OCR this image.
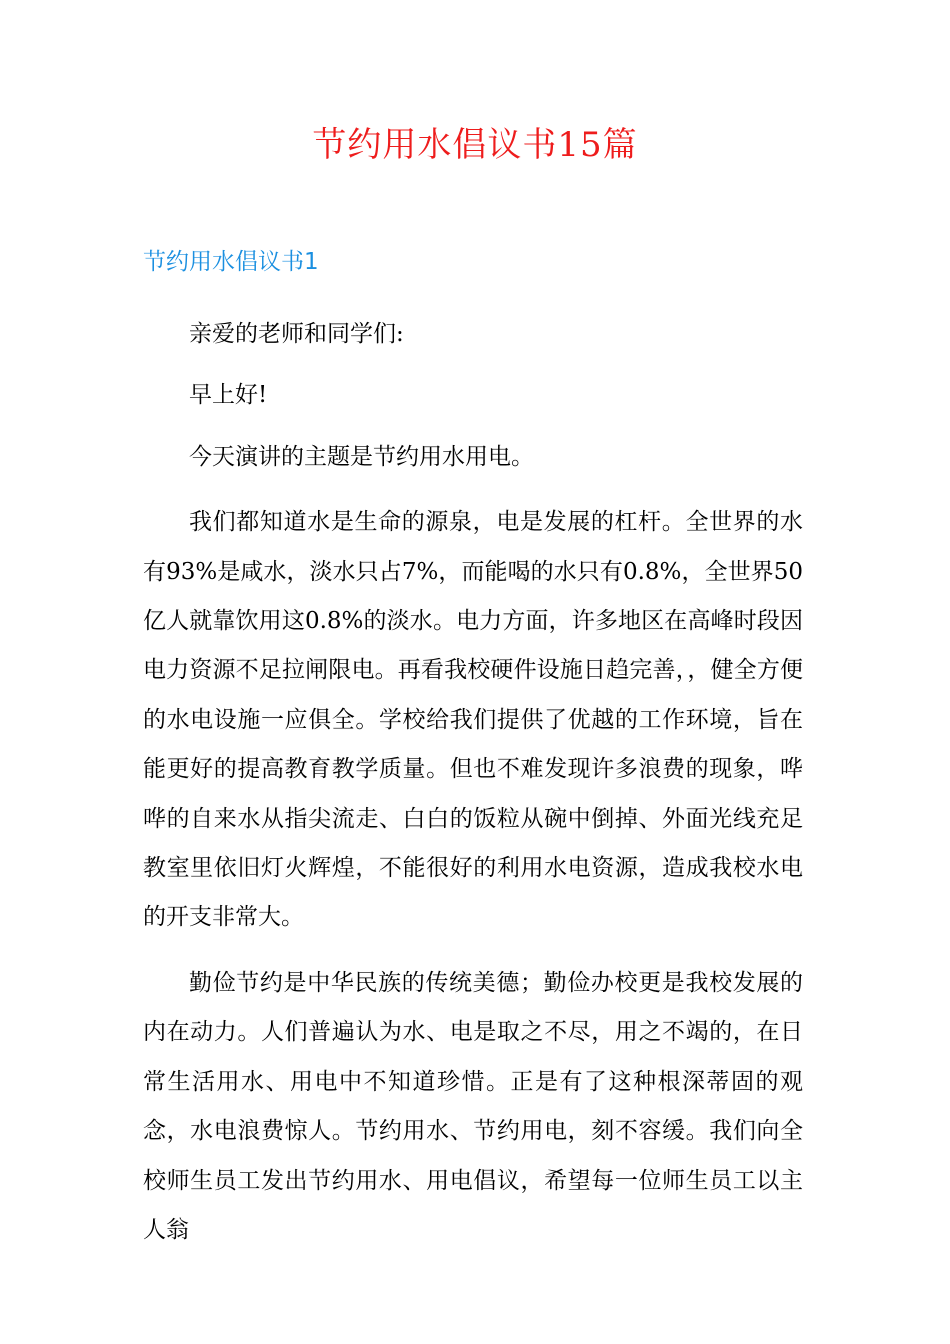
节约用水倡议书15篇
节约用水倡议书1

亲爱的老师和同学们:

早上好!

今天演讲的主题是节约用水用电。

我们都知道水是生命的源泉，电是发展的杠杆。全世界的水有93%是咸水，淡水只占7%，而能喝的水只有0.8%，全世界50亿人就靠饮用这0.8%的淡水。电力方面，许多地区在高峰时段因电力资源不足拉闸限电。再看我校硬件设施日趋完善，，健全方便的水电设施一应俱全。学校给我们提供了优越的工作环境，旨在能更好的提高教育教学质量。但也不难发现许多浪费的现象，哗哗的自来水从指尖流走、白白的饭粒从碗中倒掉、外面光线充足教室里依旧灯火辉煌，不能很好的利用水电资源，造成我校水电的开支非常大。

勤俭节约是中华民族的传统美德；勤俭办校更是我校发展的内在动力。人们普遍认为水、电是取之不尽，用之不竭的，在日常生活用水、用电中不知道珍惜。正是有了这种根深蒂固的观念，水电浪费惊人。节约用水、节约用电，刻不容缓。我们向全校师生员工发出节约用水、用电倡议，希望每一位师生员工以主人翁
